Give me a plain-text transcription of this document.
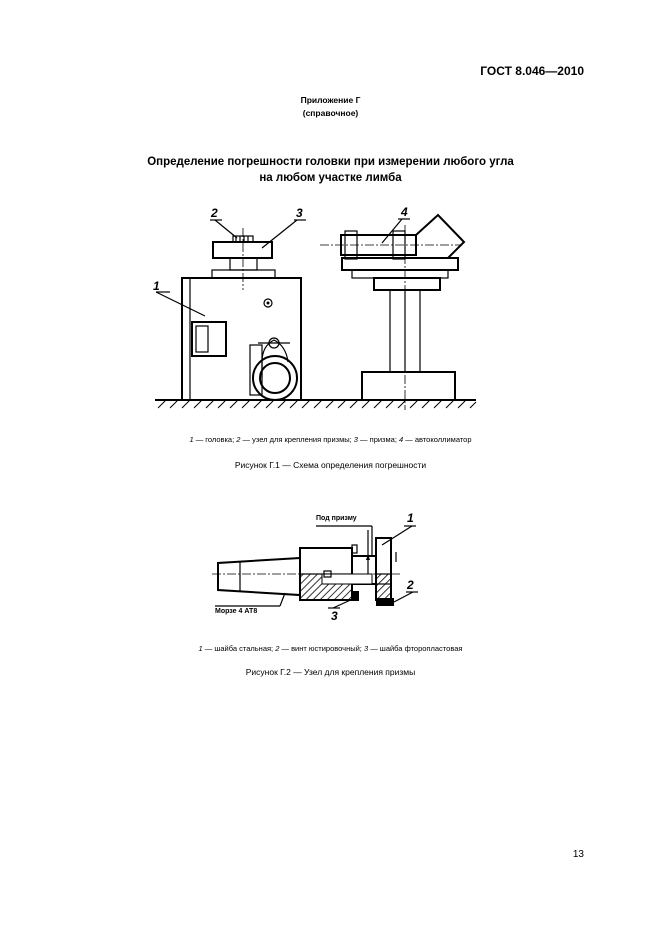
ГОСТ 8.046—2010
Приложение Г
(справочное)
Определение погрешности головки при измерении любого угла
на любом участке лимба
1
2	3	4
1 — головка; 2 — узел для крепления призмы; 3 — призма; 4 — автоколлиматор
Рисунок Г.1 — Схема определения погрешности
Под призму
Морзе 4 АТ8
1
2
3
1 — шайба стальная; 2 — винт юстировочный; 3 — шайба фторопластовая
Рисунок Г.2 — Узел для крепления призмы
13
